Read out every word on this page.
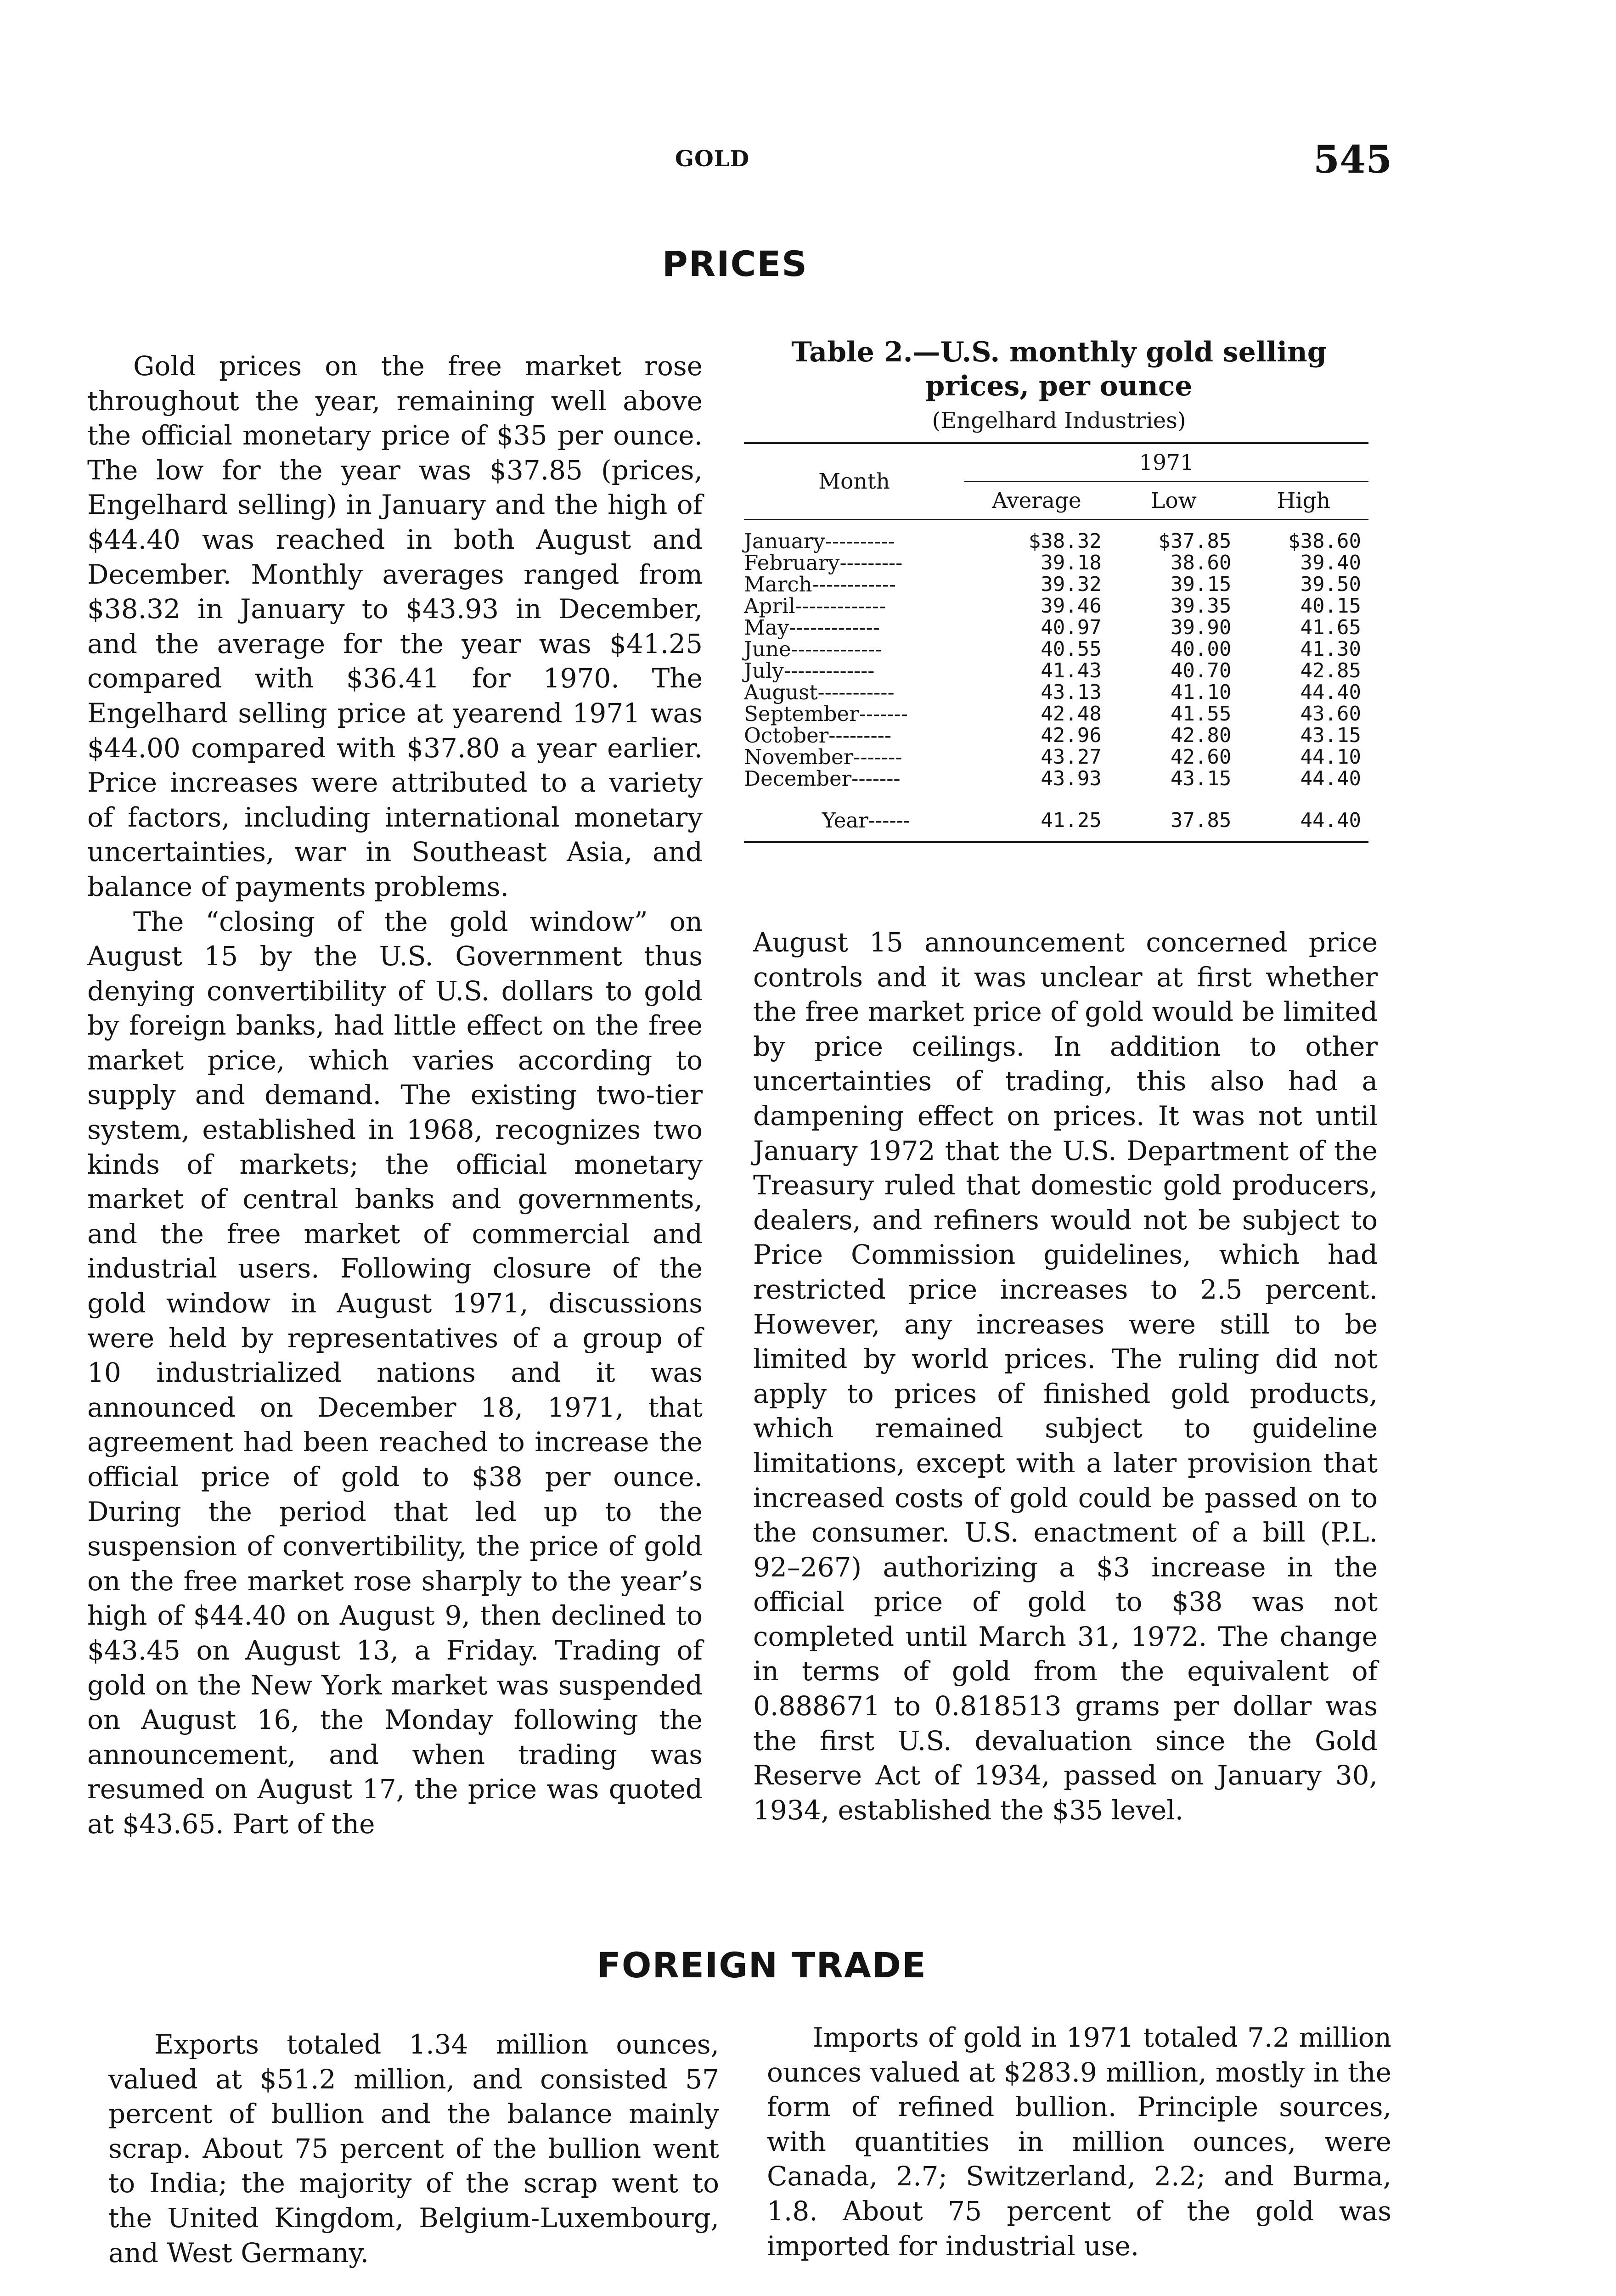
GOLD	545
PRICES

Gold prices on the free market rose throughout the year, remaining well above the official monetary price of $35 per ounce. The low for the year was $37.85 (prices, Engelhard selling) in January and the high of $44.40 was reached in both August and December. Monthly averages ranged from $38.32 in January to $43.93 in December, and the average for the year was $41.25 compared with $36.41 for 1970. The Engelhard selling price at yearend 1971 was $44.00 compared with $37.80 a year earlier. Price increases were attributed to a variety of factors, including international monetary uncertainties, war in Southeast Asia, and balance of payments problems.

The “closing of the gold window” on August 15 by the U.S. Government thus denying convertibility of U.S. dollars to gold by foreign banks, had little effect on the free market price, which varies according to supply and demand. The existing two-tier system, established in 1968, recognizes two kinds of markets; the official monetary market of central banks and governments, and the free market of commercial and industrial users. Following closure of the gold window in August 1971, discussions were held by representatives of a group of 10 industrialized nations and it was announced on December 18, 1971, that agreement had been reached to increase the official price of gold to $38 per ounce. During the period that led up to the suspension of convertibility, the price of gold on the free market rose sharply to the year’s high of $44.40 on August 9, then declined to $43.45 on August 13, a Friday. Trading of gold on the New York market was suspended on August 16, the Monday following the announcement, and when trading was resumed on August 17, the price was quoted at $43.65. Part of the

Table 2.—U.S. monthly gold selling prices, per ounce
(Engelhard Industries)
Month	1971		
	Average	Low	High
January----------	$38.32	$37.85	$38.60
February---------	39.18	38.60	39.40
March------------	39.32	39.15	39.50
April-------------	39.46	39.35	40.15
May-------------	40.97	39.90	41.65
June-------------	40.55	40.00	41.30
July-------------	41.43	40.70	42.85
August-----------	43.13	41.10	44.40
September-------	42.48	41.55	43.60
October---------	42.96	42.80	43.15
November-------	43.27	42.60	44.10
December-------	43.93	43.15	44.40
Year------	41.25	37.85	44.40

August 15 announcement concerned price controls and it was unclear at first whether the free market price of gold would be limited by price ceilings. In addition to other uncertainties of trading, this also had a dampening effect on prices. It was not until January 1972 that the U.S. Department of the Treasury ruled that domestic gold producers, dealers, and refiners would not be subject to Price Commission guidelines, which had restricted price increases to 2.5 percent. However, any increases were still to be limited by world prices. The ruling did not apply to prices of finished gold products, which remained subject to guideline limitations, except with a later provision that increased costs of gold could be passed on to the consumer. U.S. enactment of a bill (P.L. 92–267) authorizing a $3 increase in the official price of gold to $38 was not completed until March 31, 1972. The change in terms of gold from the equivalent of 0.888671 to 0.818513 grams per dollar was the first U.S. devaluation since the Gold Reserve Act of 1934, passed on January 30, 1934, established the $35 level.

FOREIGN TRADE

Exports totaled 1.34 million ounces, valued at $51.2 million, and consisted 57 percent of bullion and the balance mainly scrap. About 75 percent of the bullion went to India; the majority of the scrap went to the United Kingdom, Belgium-Luxembourg, and West Germany.

Imports of gold in 1971 totaled 7.2 million ounces valued at $283.9 million, mostly in the form of refined bullion. Principle sources, with quantities in million ounces, were Canada, 2.7; Switzerland, 2.2; and Burma, 1.8. About 75 percent of the gold was imported for industrial use.
